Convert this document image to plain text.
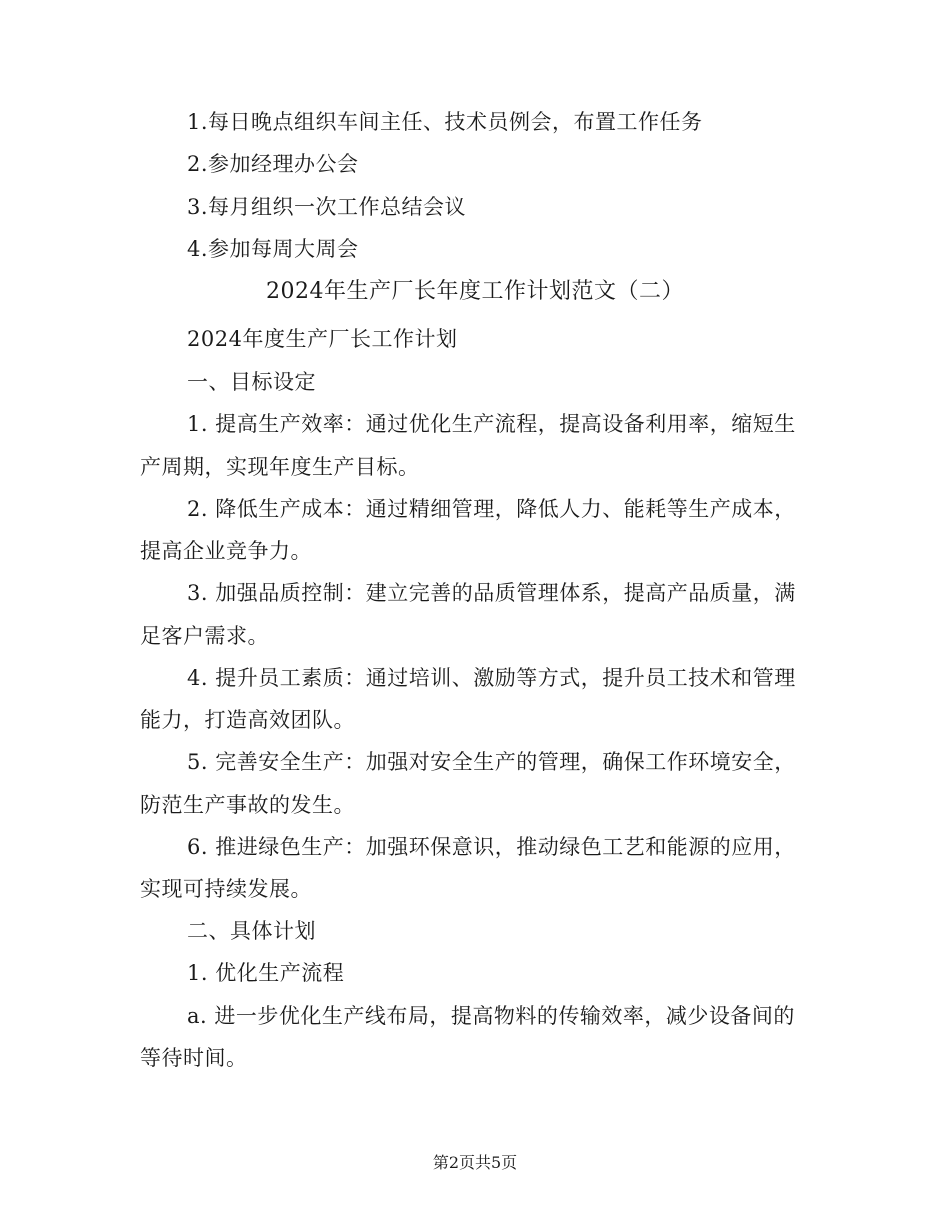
1.每日晚点组织车间主任、技术员例会，布置工作任务
2.参加经理办公会
3.每月组织一次工作总结会议
4.参加每周大周会
2024年生产厂长年度工作计划范文（二）
2024年度生产厂长工作计划
一、目标设定
1. 提高生产效率：通过优化生产流程，提高设备利用率，缩短生
产周期，实现年度生产目标。
2. 降低生产成本：通过精细管理，降低人力、能耗等生产成本，
提高企业竞争力。
3. 加强品质控制：建立完善的品质管理体系，提高产品质量，满
足客户需求。
4. 提升员工素质：通过培训、激励等方式，提升员工技术和管理
能力，打造高效团队。
5. 完善安全生产：加强对安全生产的管理，确保工作环境安全，
防范生产事故的发生。
6. 推进绿色生产：加强环保意识，推动绿色工艺和能源的应用，
实现可持续发展。
二、具体计划
1. 优化生产流程
a. 进一步优化生产线布局，提高物料的传输效率，减少设备间的
等待时间。
第2页共5页
